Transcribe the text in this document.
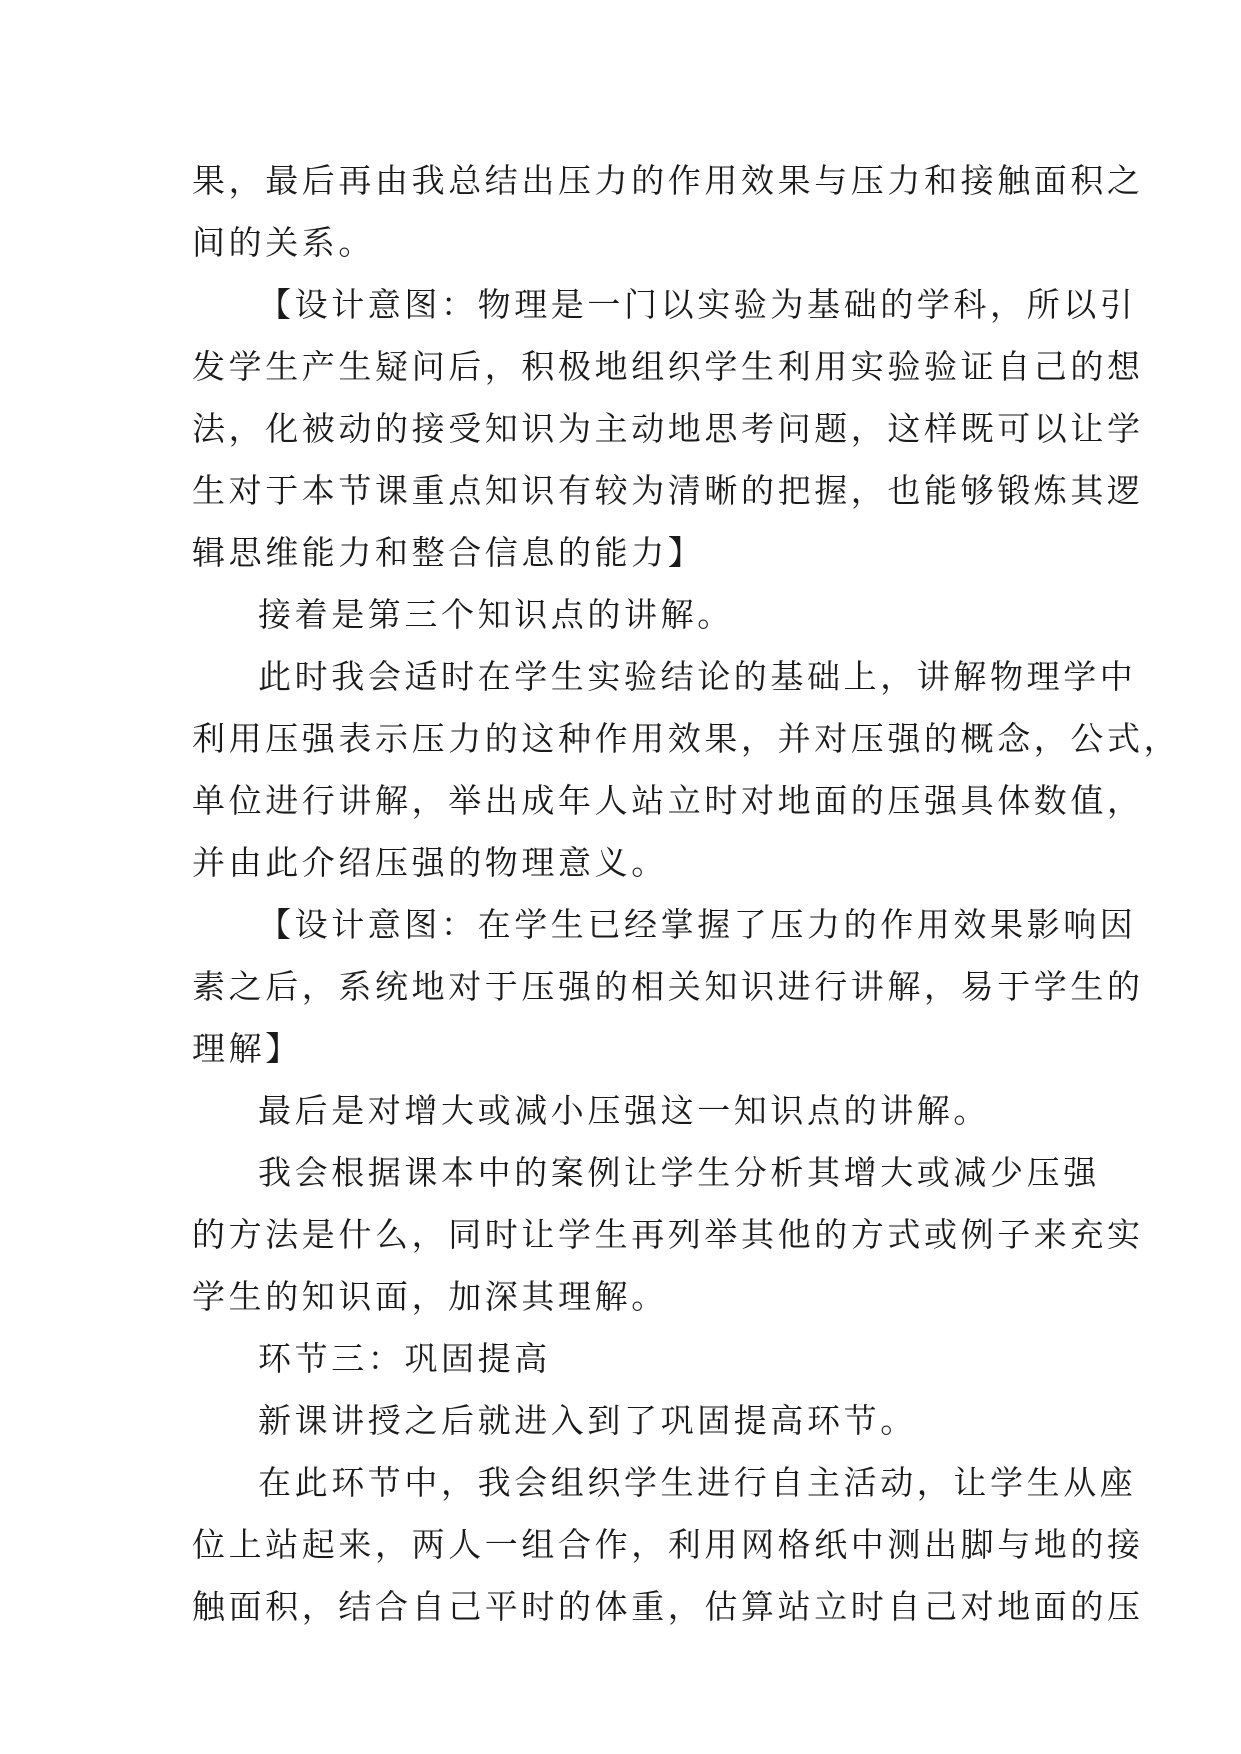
果，最后再由我总结出压力的作用效果与压力和接触面积之
间的关系。

【设计意图：物理是一门以实验为基础的学科，所以引
发学生产生疑问后，积极地组织学生利用实验验证自己的想
法，化被动的接受知识为主动地思考问题，这样既可以让学
生对于本节课重点知识有较为清晰的把握，也能够锻炼其逻
辑思维能力和整合信息的能力】

接着是第三个知识点的讲解。

此时我会适时在学生实验结论的基础上，讲解物理学中
利用压强表示压力的这种作用效果，并对压强的概念，公式，
单位进行讲解，举出成年人站立时对地面的压强具体数值，
并由此介绍压强的物理意义。

【设计意图：在学生已经掌握了压力的作用效果影响因
素之后，系统地对于压强的相关知识进行讲解，易于学生的
理解】

最后是对增大或减小压强这一知识点的讲解。

我会根据课本中的案例让学生分析其增大或减少压强
的方法是什么，同时让学生再列举其他的方式或例子来充实
学生的知识面，加深其理解。

环节三：巩固提高

新课讲授之后就进入到了巩固提高环节。

在此环节中，我会组织学生进行自主活动，让学生从座
位上站起来，两人一组合作，利用网格纸中测出脚与地的接
触面积，结合自己平时的体重，估算站立时自己对地面的压
